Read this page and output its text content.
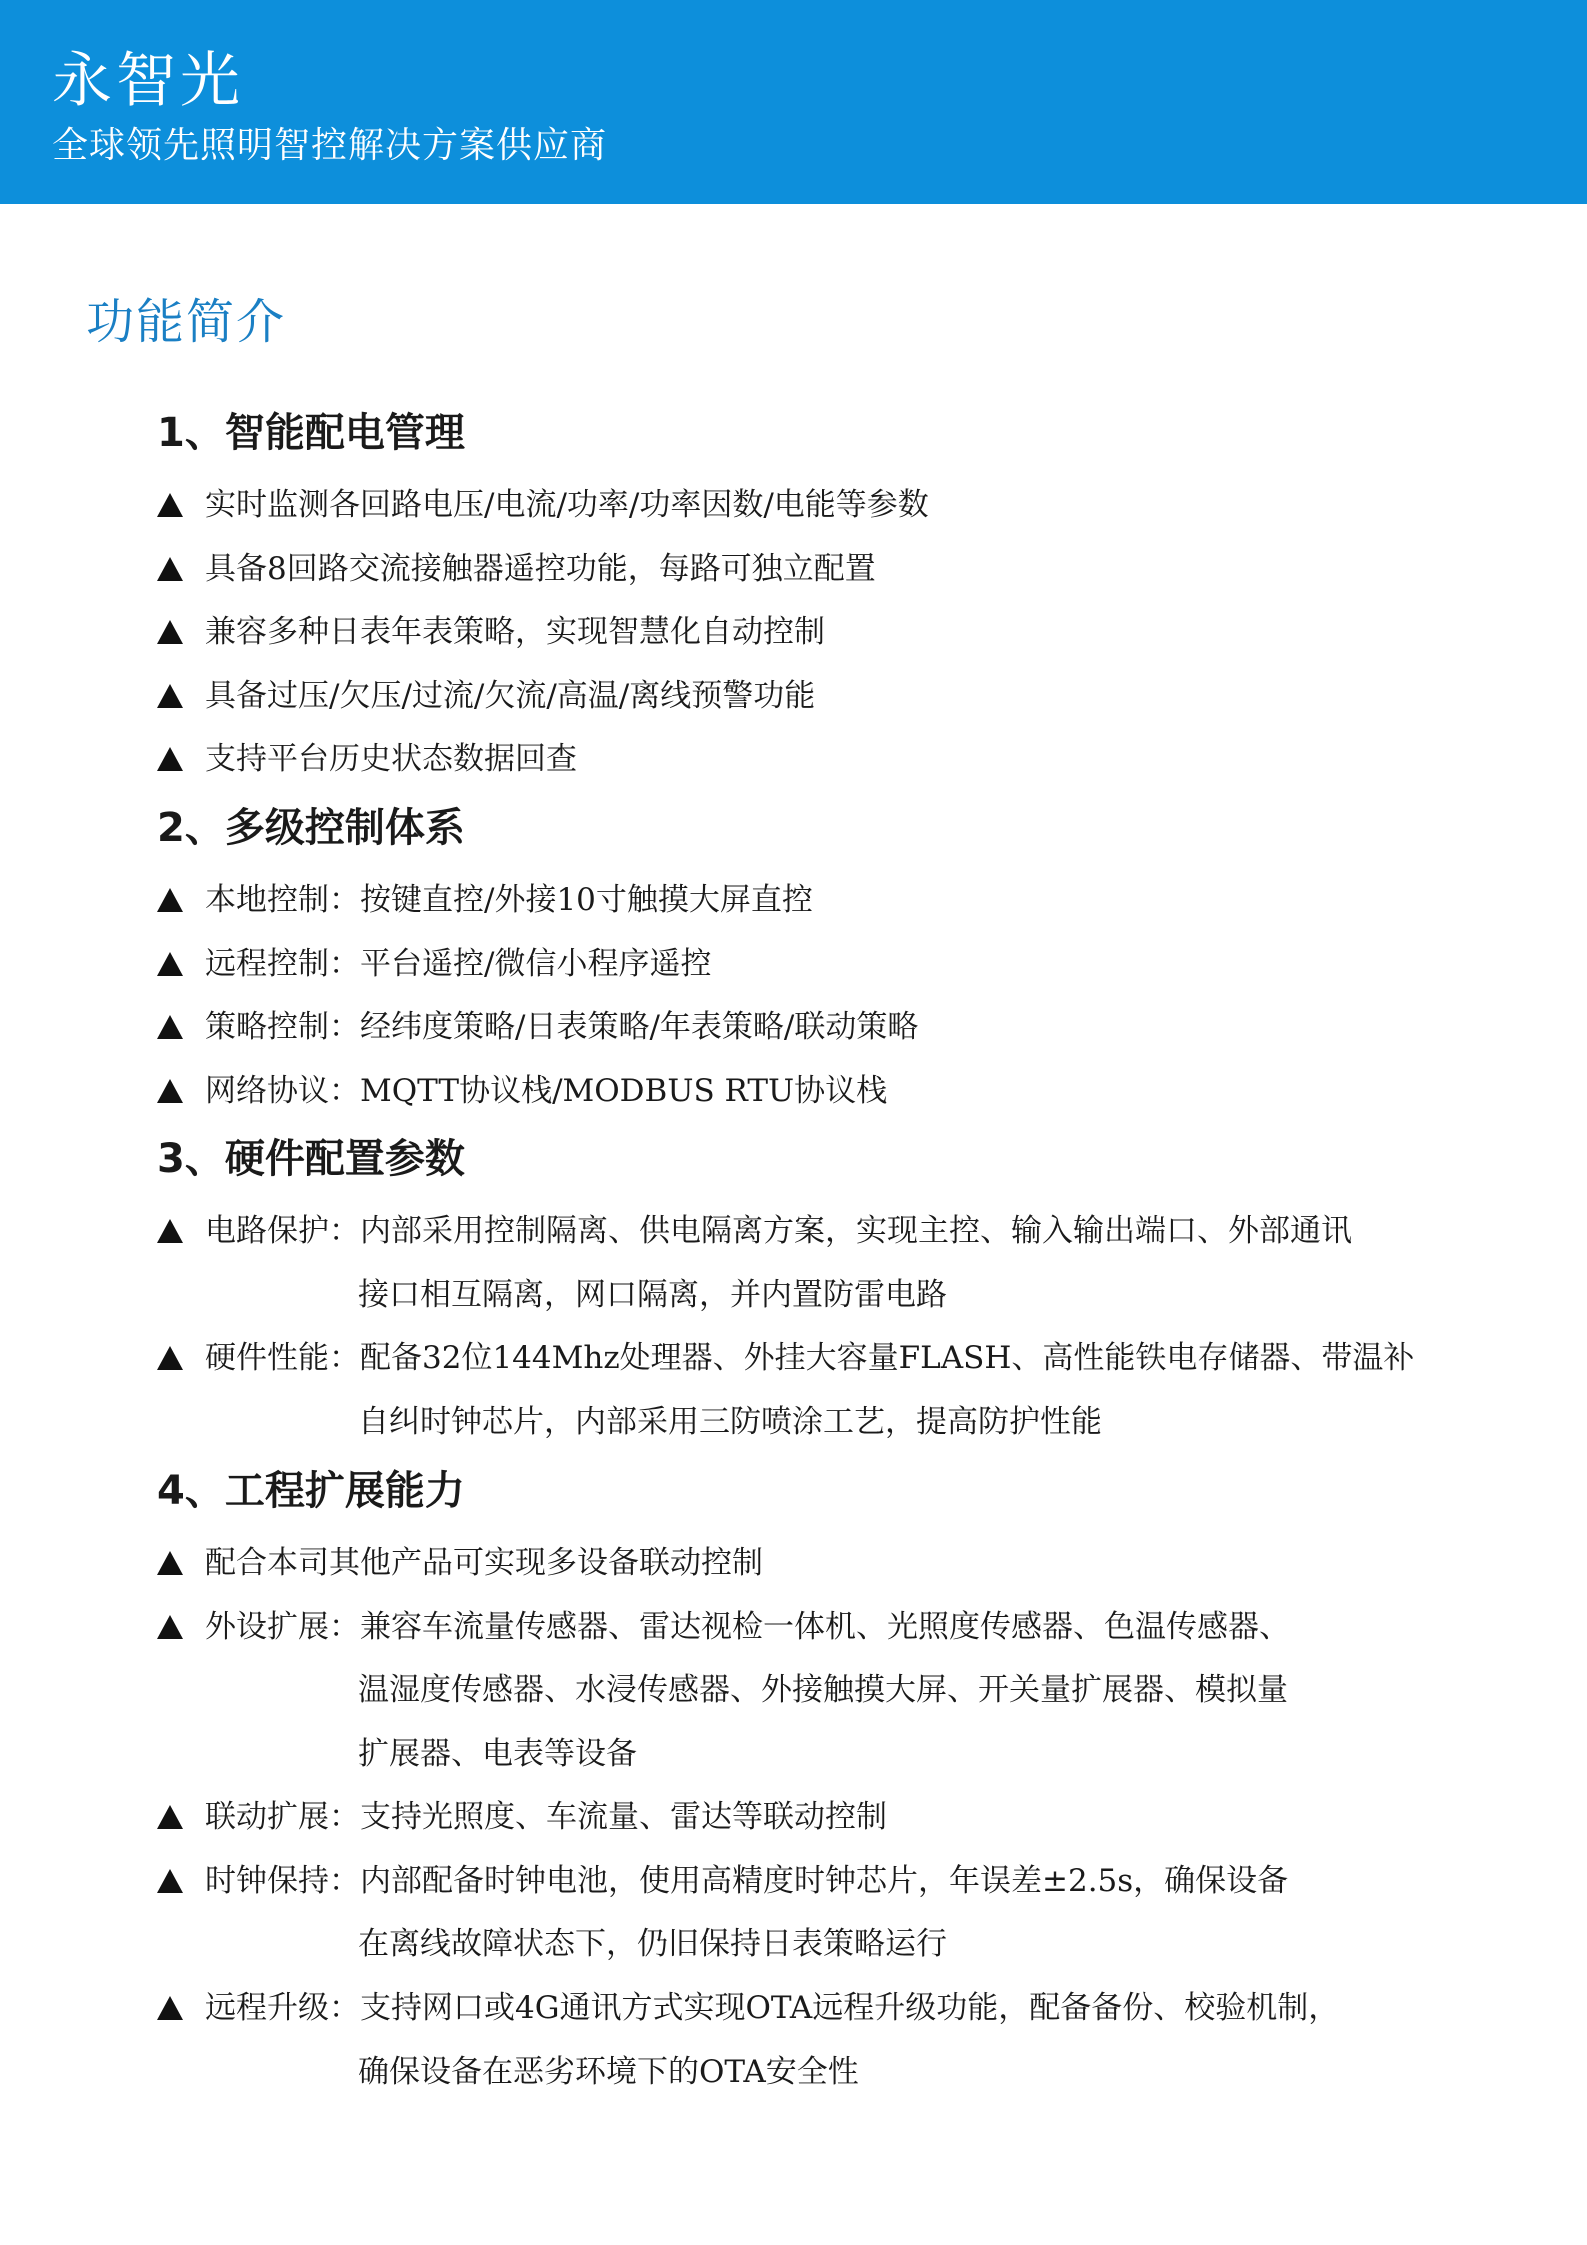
永智光
全球领先照明智控解决方案供应商
功能简介
1、智能配电管理
实时监测各回路电压/电流/功率/功率因数/电能等参数
具备8回路交流接触器遥控功能，每路可独立配置
兼容多种日表年表策略，实现智慧化自动控制
具备过压/欠压/过流/欠流/高温/离线预警功能
支持平台历史状态数据回查
2、多级控制体系
本地控制：按键直控/外接10寸触摸大屏直控
远程控制：平台遥控/微信小程序遥控
策略控制：经纬度策略/日表策略/年表策略/联动策略
网络协议：MQTT协议栈/MODBUS RTU协议栈
3、硬件配置参数
电路保护：内部采用控制隔离、供电隔离方案，实现主控、输入输出端口、外部通讯
接口相互隔离，网口隔离，并内置防雷电路
硬件性能：配备32位144Mhz处理器、外挂大容量FLASH、高性能铁电存储器、带温补
自纠时钟芯片，内部采用三防喷涂工艺，提高防护性能
4、工程扩展能力
配合本司其他产品可实现多设备联动控制
外设扩展：兼容车流量传感器、雷达视检一体机、光照度传感器、色温传感器、
温湿度传感器、水浸传感器、外接触摸大屏、开关量扩展器、模拟量
扩展器、电表等设备
联动扩展：支持光照度、车流量、雷达等联动控制
时钟保持：内部配备时钟电池，使用高精度时钟芯片，年误差±2.5s，确保设备
在离线故障状态下，仍旧保持日表策略运行
远程升级：支持网口或4G通讯方式实现OTA远程升级功能，配备备份、校验机制，
确保设备在恶劣环境下的OTA安全性
